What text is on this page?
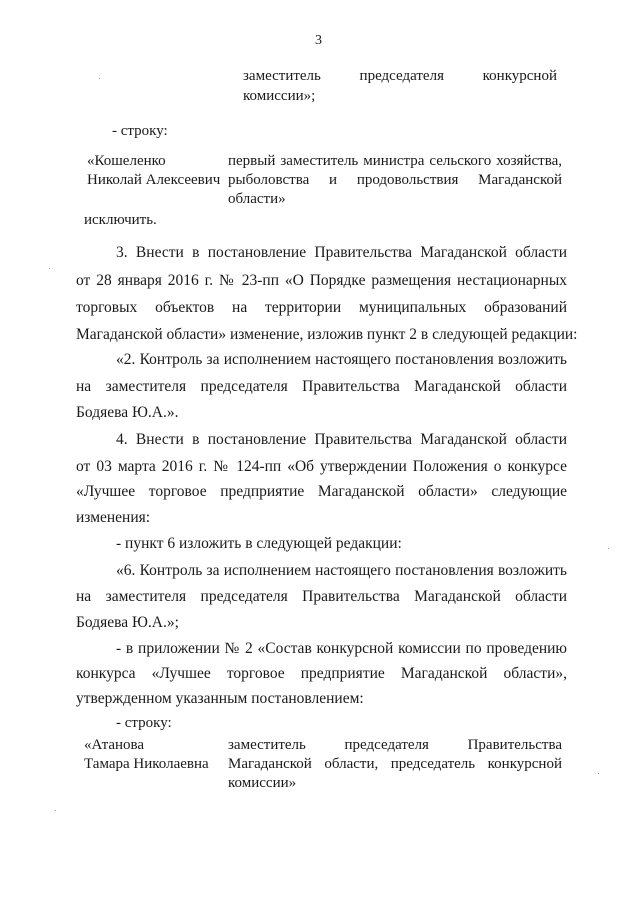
3

заместитель председателя конкурсной

комиссии»;

- строку:

«Кошеленко

Николай Алексеевич

первый заместитель министра сельского хозяйства,

рыболовства и продовольствия Магаданской

области»

исключить.

3. Внести в постановление Правительства Магаданской области

от 28 января 2016 г. № 23-пп «О Порядке размещения нестационарных

торговых объектов на территории муниципальных образований

Магаданской области» изменение, изложив пункт 2 в следующей редакции:

«2. Контроль за исполнением настоящего постановления возложить

на заместителя председателя Правительства Магаданской области

Бодяева Ю.А.».

4. Внести в постановление Правительства Магаданской области

от 03 марта 2016 г. № 124-пп «Об утверждении Положения о конкурсе

«Лучшее торговое предприятие Магаданской области» следующие

изменения:

- пункт 6 изложить в следующей редакции:

«6. Контроль за исполнением настоящего постановления возложить

на заместителя председателя Правительства Магаданской области

Бодяева Ю.А.»;

- в приложении № 2 «Состав конкурсной комиссии по проведению

конкурса «Лучшее торговое предприятие Магаданской области»,

утвержденном указанным постановлением:

- строку:

«Атанова

Тамара Николаевна

заместитель председателя Правительства

Магаданской области, председатель конкурсной

комиссии»
